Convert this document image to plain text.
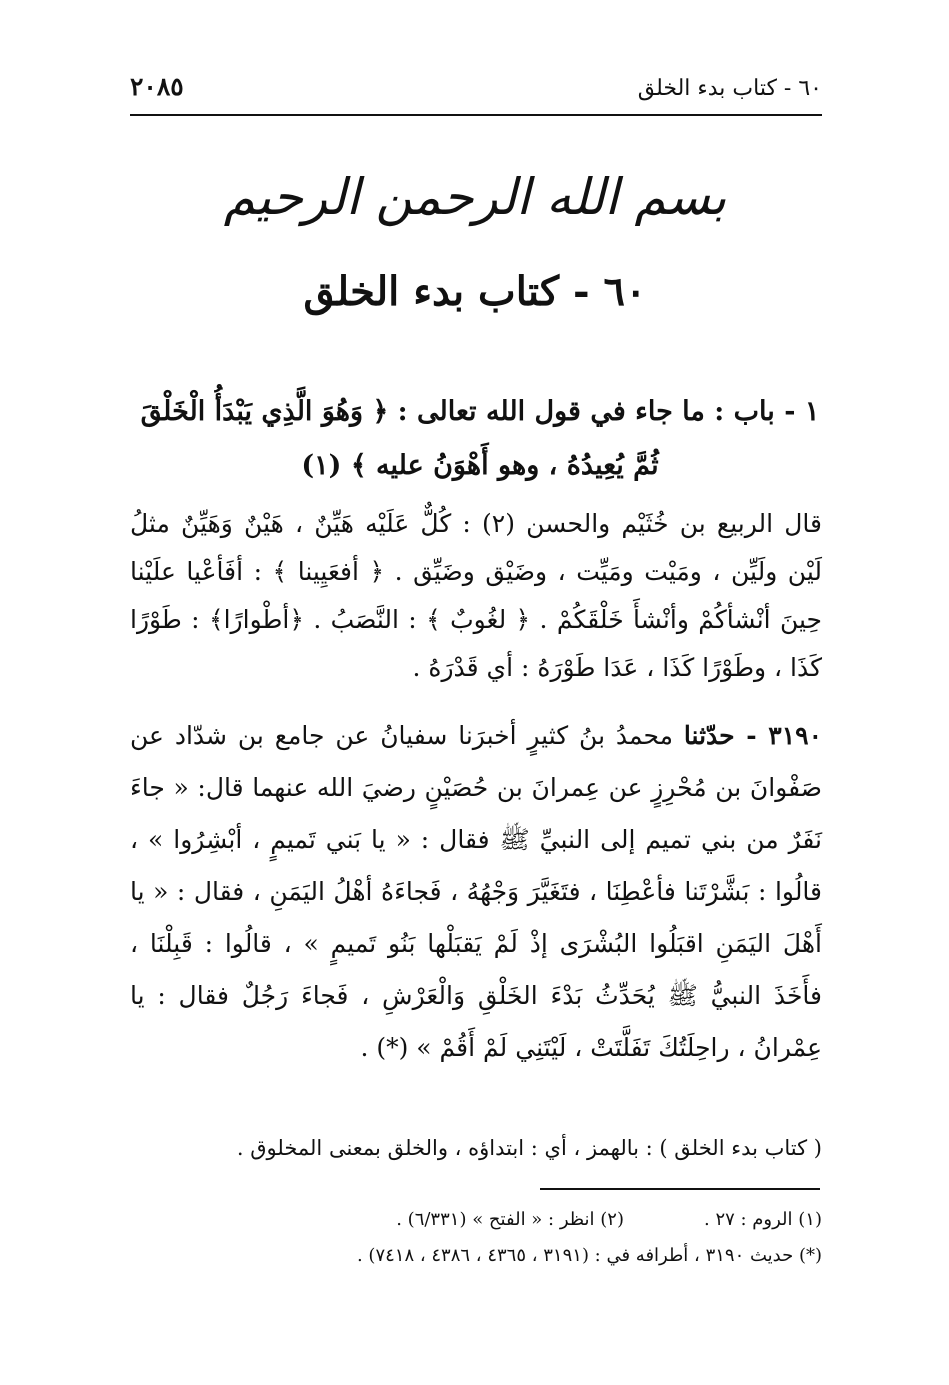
٦٠ - كتاب بدء الخلق
٢٠٨٥
بسم الله الرحمن الرحيم
٦٠ - كتاب بدء الخلق
١ - باب : ما جاء في قول الله تعالى : ﴿ وَهُوَ الَّذِي يَبْدَأُ الْخَلْقَ ثُمَّ يُعِيدُهُ ، وهو أَهْوَنُ عليه ﴾ (١)
قال الربيع بن خُثَيْم والحسن (٢) : كُلٌّ عَلَيْه هَيِّنٌ ، هَيْنٌ وَهَيِّنٌ مثلُ لَيْن ولَيِّن ، ومَيْت ومَيِّت ، وضَيْق وضَيِّق . ﴿ أفعَيِينا ﴾ : أفَأعْيا علَيْنا حِينَ أنْشأكُمْ وأنْشأَ خَلْقَكُمْ . ﴿ لغُوبٌ ﴾ : النَّصَبُ . ﴿أطْوارًا﴾ : طَوْرًا كَذَا ، وطَوْرًا كَذَا ، عَدَا طَوْرَهُ : أي قَدْرَهُ .
٣١٩٠ - حدّثنا محمدُ بنُ كثيرٍ أخبرَنا سفيانُ عن جامع بن شدّاد عن صَفْوانَ بن مُحْرِزٍ عن عِمرانَ بن حُصَيْنٍ رضيَ الله عنهما قال: « جاءَ نَفَرٌ من بني تميم إلى النبيِّ ﷺ فقال : « يا بَني تَميمٍ ، أبْشِرُوا » ، قالُوا : بَشَّرْتَنا فأعْطِنَا ، فتَغَيَّرَ وَجْهُهُ ، فَجاءَهُ أهْلُ اليَمَنِ ، فقال : « يا أَهْلَ اليَمَنِ اقبَلُوا البُشْرَى إذْ لَمْ يَقبَلْها بَنُو تَميمٍ » ، قالُوا : قَبِلْنَا ، فأَخَذَ النبيُّ ﷺ يُحَدِّثُ بَدْءَ الخَلْقِ وَالْعَرْشِ ، فَجاءَ رَجُلٌ فقال : يا عِمْرانُ ، راحِلَتُكَ تَفَلَّتَتْ ، لَيْتَنِي لَمْ أَقُمْ » (*) .
( كتاب بدء الخلق ) : بالهمز ، أي : ابتداؤه ، والخلق بمعنى المخلوق .
(١) الروم : ٢٧ .(٢) انظر : « الفتح » (٦/٣٣١) .
(*) حديث ٣١٩٠ ، أطرافه في : (٣١٩١ ، ٤٣٦٥ ، ٤٣٨٦ ، ٧٤١٨) .
